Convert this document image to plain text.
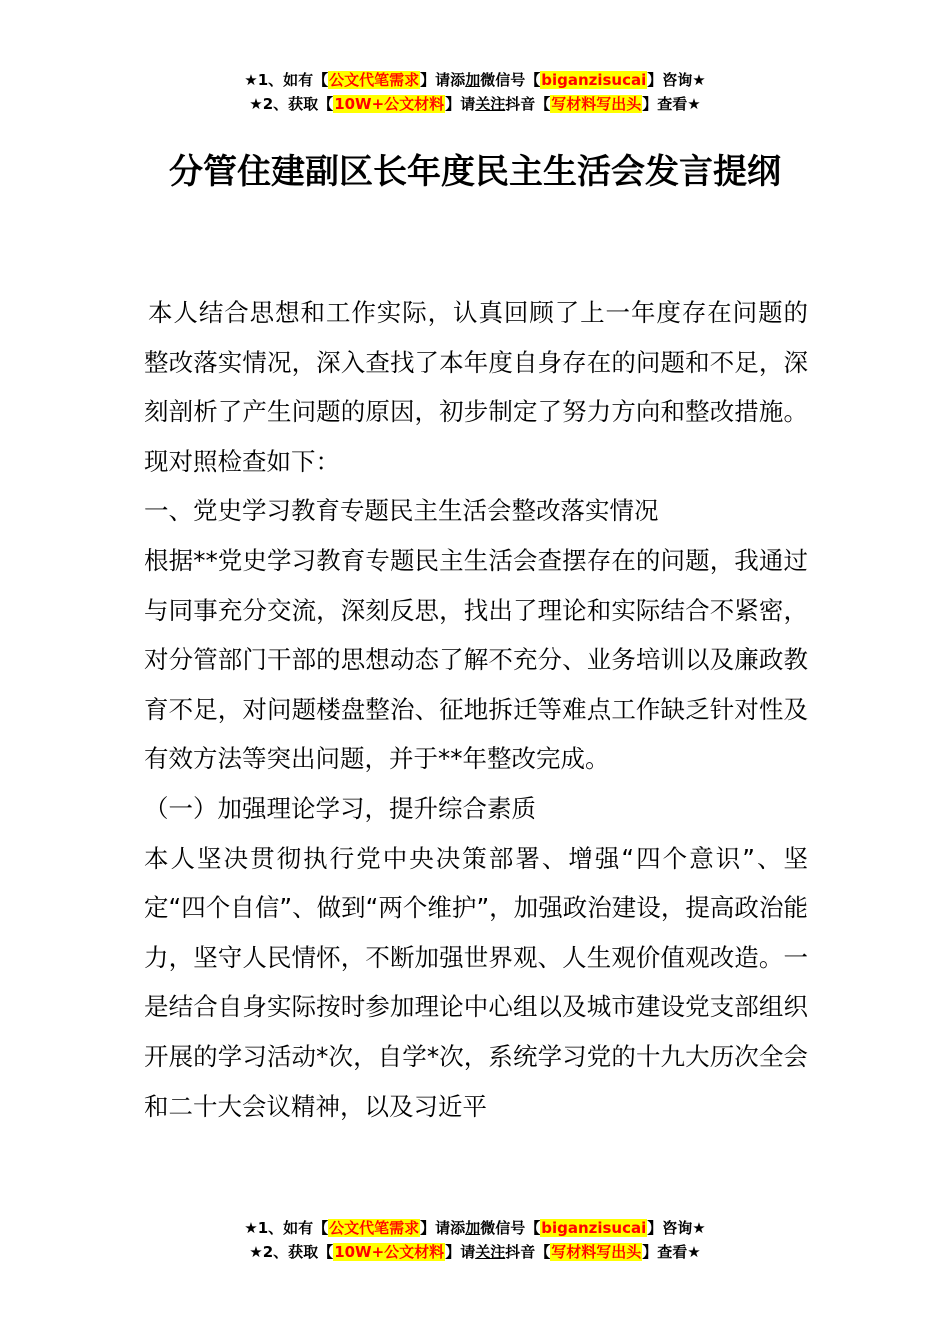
★1、如有【公文代笔需求】请添加微信号【biganzisucai】咨询★
★2、获取【10W+公文材料】请关注抖音【写材料写出头】查看★
分管住建副区长年度民主生活会发言提纲

本人结合思想和工作实际，认真回顾了上一年度存在问题的整改落实情况，深入查找了本年度自身存在的问题和不足，深刻剖析了产生问题的原因，初步制定了努力方向和整改措施。现对照检查如下：

一、党史学习教育专题民主生活会整改落实情况

根据**党史学习教育专题民主生活会查摆存在的问题，我通过与同事充分交流，深刻反思，找出了理论和实际结合不紧密，对分管部门干部的思想动态了解不充分、业务培训以及廉政教育不足，对问题楼盘整治、征地拆迁等难点工作缺乏针对性及有效方法等突出问题，并于**年整改完成。

（一）加强理论学习，提升综合素质

本人坚决贯彻执行党中央决策部署、增强“四个意识”、坚定“四个自信”、做到“两个维护”，加强政治建设，提高政治能力，坚守人民情怀，不断加强世界观、人生观价值观改造。一是结合自身实际按时参加理论中心组以及城市建设党支部组织开展的学习活动*次，自学*次，系统学习党的十九大历次全会和二十大会议精神，以及习近平

★1、如有【公文代笔需求】请添加微信号【biganzisucai】咨询★
★2、获取【10W+公文材料】请关注抖音【写材料写出头】查看★
